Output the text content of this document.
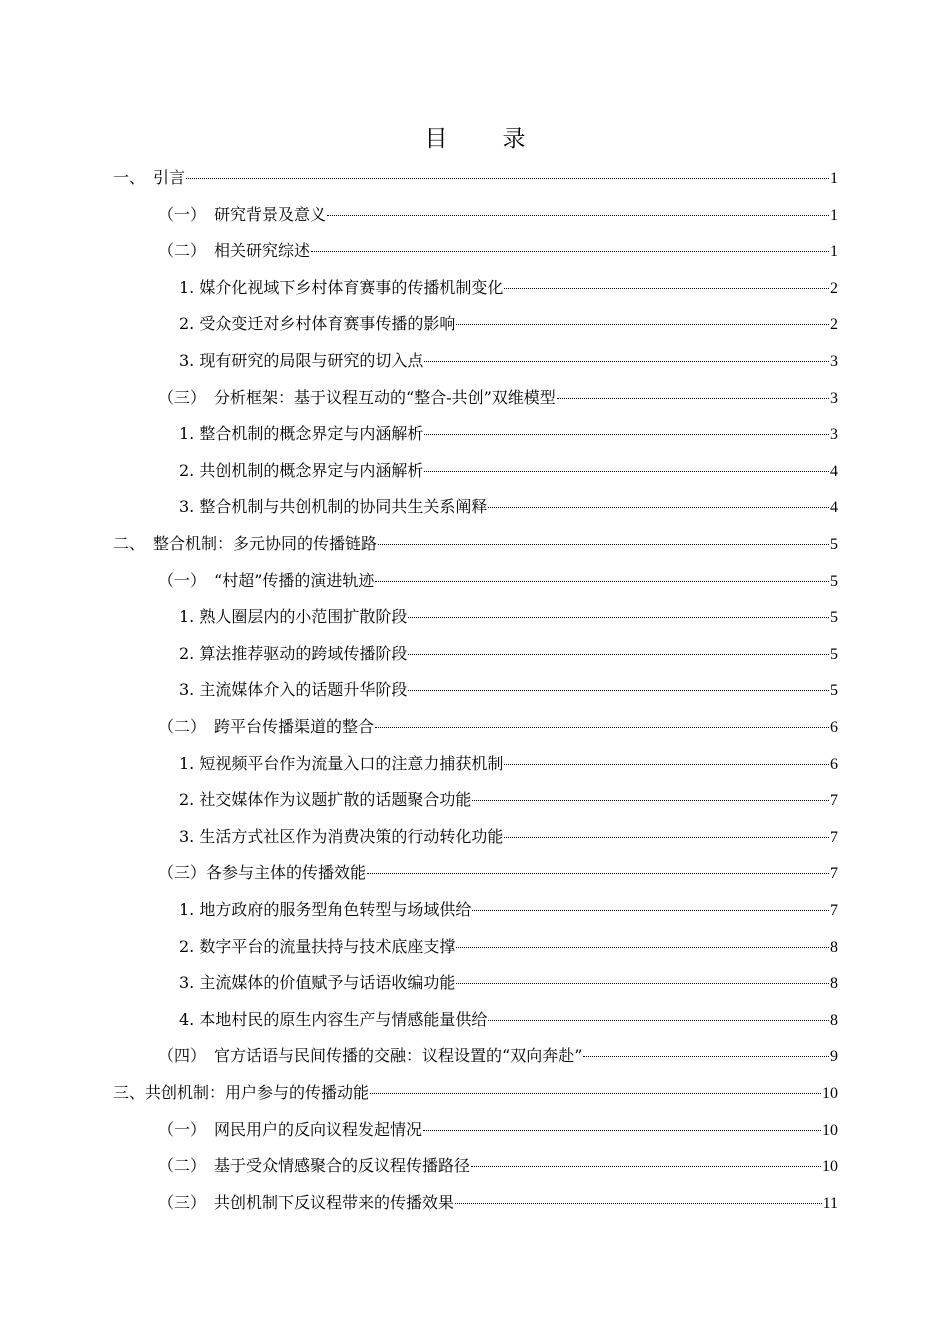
目　录
一、　 引言	1
（一）　 研究背景及意义	1
（二）　 相关研究综述	1
1. 媒介化视域下乡村体育赛事的传播机制变化	2
2. 受众变迁对乡村体育赛事传播的影响	2
3. 现有研究的局限与研究的切入点	3
（三）　 分析框架：基于议程互动的“整合-共创”双维模型	3
1. 整合机制的概念界定与内涵解析	3
2. 共创机制的概念界定与内涵解析	4
3. 整合机制与共创机制的协同共生关系阐释	4
二、　 整合机制：多元协同的传播链路	5
（一）　 “村超”传播的演进轨迹	5
1. 熟人圈层内的小范围扩散阶段	5
2. 算法推荐驱动的跨域传播阶段	5
3. 主流媒体介入的话题升华阶段	5
（二）　 跨平台传播渠道的整合	6
1. 短视频平台作为流量入口的注意力捕获机制	6
2. 社交媒体作为议题扩散的话题聚合功能	7
3. 生活方式社区作为消费决策的行动转化功能	7
（三） 各参与主体的传播效能	7
1. 地方政府的服务型角色转型与场域供给	7
2. 数字平台的流量扶持与技术底座支撑	8
3. 主流媒体的价值赋予与话语收编功能	8
4. 本地村民的原生内容生产与情感能量供给	8
（四）　 官方话语与民间传播的交融：议程设置的“双向奔赴”	9
三、 共创机制：用户参与的传播动能	10
（一）　 网民用户的反向议程发起情况	10
（二）　 基于受众情感聚合的反议程传播路径	10
（三）　 共创机制下反议程带来的传播效果	11
